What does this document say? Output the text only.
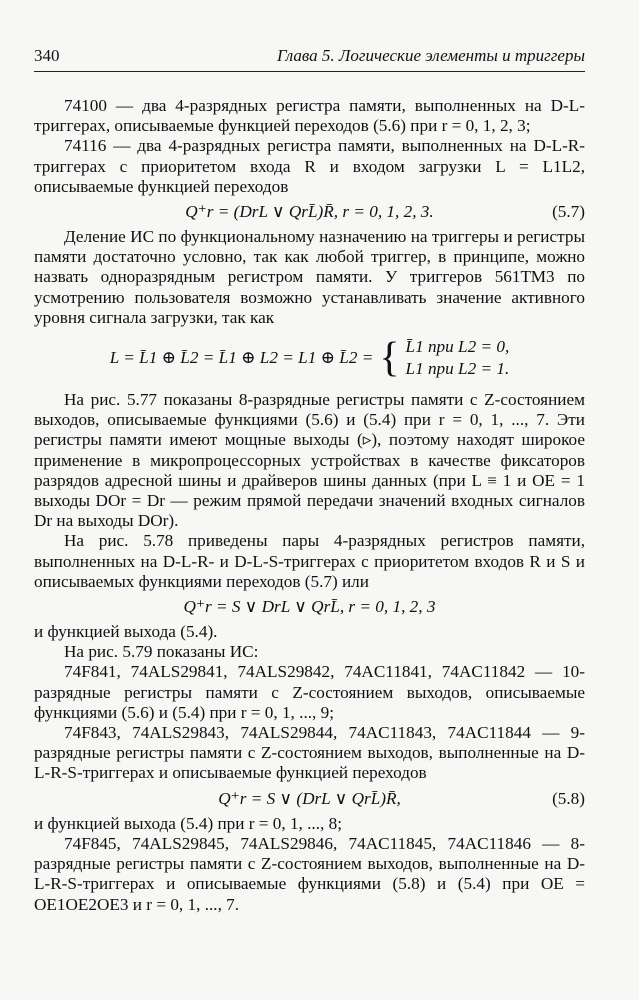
340	Глава 5. Логические элементы и триггеры

74100 — два 4-разрядных регистра памяти, выполненных на D-L-триггерах, описываемые функцией переходов (5.6) при r = 0, 1, 2, 3;

74116 — два 4-разрядных регистра памяти, выполненных на D-L-R-триггерах с приоритетом входа R и входом загрузки L = L1L2, описываемые функцией переходов

Q⁺r = (DrL ∨ QrL̄)R̄, r = 0, 1, 2, 3.	(5.7)

Деление ИС по функциональному назначению на триггеры и регистры памяти достаточно условно, так как любой триггер, в принципе, можно назвать одноразрядным регистром памяти. У триггеров 561ТМ3 по усмотрению пользователя возможно устанавливать значение активного уровня сигнала загрузки, так как

L = L̄1 ⊕ L̄2 = L̄1 ⊕ L2 = L1 ⊕ L̄2 = { L̄1 при L2 = 0,
L1 при L2 = 1.

На рис. 5.77 показаны 8-разрядные регистры памяти с Z-состоянием выходов, описываемые функциями (5.6) и (5.4) при r = 0, 1, ..., 7. Эти регистры памяти имеют мощные выходы (▹), поэтому находят широкое применение в микропроцессорных устройствах в качестве фиксаторов разрядов адресной шины и драйверов шины данных (при L ≡ 1 и OE = 1 выходы DOr = Dr — режим прямой передачи значений входных сигналов Dr на выходы DOr).

На рис. 5.78 приведены пары 4-разрядных регистров памяти, выполненных на D-L-R- и D-L-S-триггерах с приоритетом входов R и S и описываемых функциями переходов (5.7) или

Q⁺r = S ∨ DrL ∨ QrL̄, r = 0, 1, 2, 3

и функцией выхода (5.4).

На рис. 5.79 показаны ИС:

74F841, 74ALS29841, 74ALS29842, 74AC11841, 74AC11842 — 10-разрядные регистры памяти с Z-состоянием выходов, описываемые функциями (5.6) и (5.4) при r = 0, 1, ..., 9;

74F843, 74ALS29843, 74ALS29844, 74AC11843, 74AC11844 — 9-разрядные регистры памяти с Z-состоянием выходов, выполненные на D-L-R-S-триггерах и описываемые функцией переходов

Q⁺r = S ∨ (DrL ∨ QrL̄)R̄,	(5.8)

и функцией выхода (5.4) при r = 0, 1, ..., 8;

74F845, 74ALS29845, 74ALS29846, 74AC11845, 74AC11846 — 8-разрядные регистры памяти с Z-состоянием выходов, выполненные на D-L-R-S-триггерах и описываемые функциями (5.8) и (5.4) при OE = OE1OE2OE3 и r = 0, 1, ..., 7.
